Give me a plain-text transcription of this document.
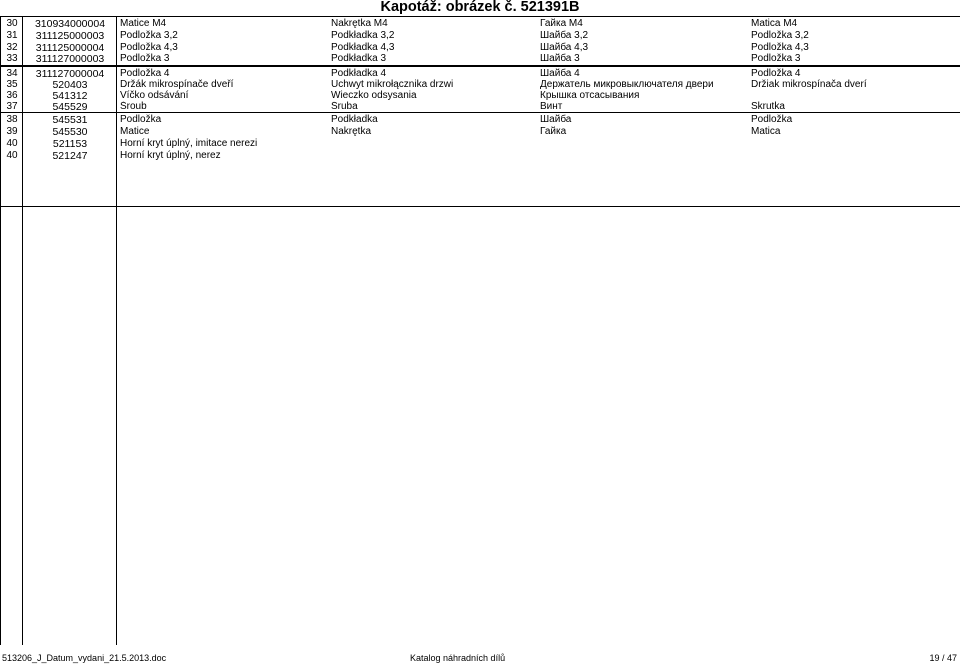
Kapotáž: obrázek č. 521391B
30	310934000004	Matice M4	Nakrętka M4	Гайка М4	Matica M4
31	311125000003	Podložka 3,2	Podkładka 3,2	Шайба 3,2	Podložka 3,2
32	311125000004	Podložka 4,3	Podkładka 4,3	Шайба 4,3	Podložka 4,3
33	311127000003	Podložka 3	Podkładka 3	Шайба 3	Podložka 3
34	311127000004	Podložka 4	Podkładka 4	Шайба 4	Podložka 4
35	520403	Držák mikrospínače dveří	Uchwyt mikrołącznika drzwi	Держатель микровыключателя двери	Držiak mikrospínača dverí
36	541312	Víčko odsávání	Wieczko odsysania	Крышка отсасывания
37	545529	Šroub	Śruba	Винт	Skrutka
38	545531	Podložka	Podkładka	Шайба	Podložka
39	545530	Matice	Nakrętka	Гайка	Matica
40	521153	Horní kryt úplný, imitace nerezi
40	521247	Horní kryt úplný, nerez
513206_J_Datum_vydani_21.5.2013.doc	Katalog náhradních dílů	19 / 47
